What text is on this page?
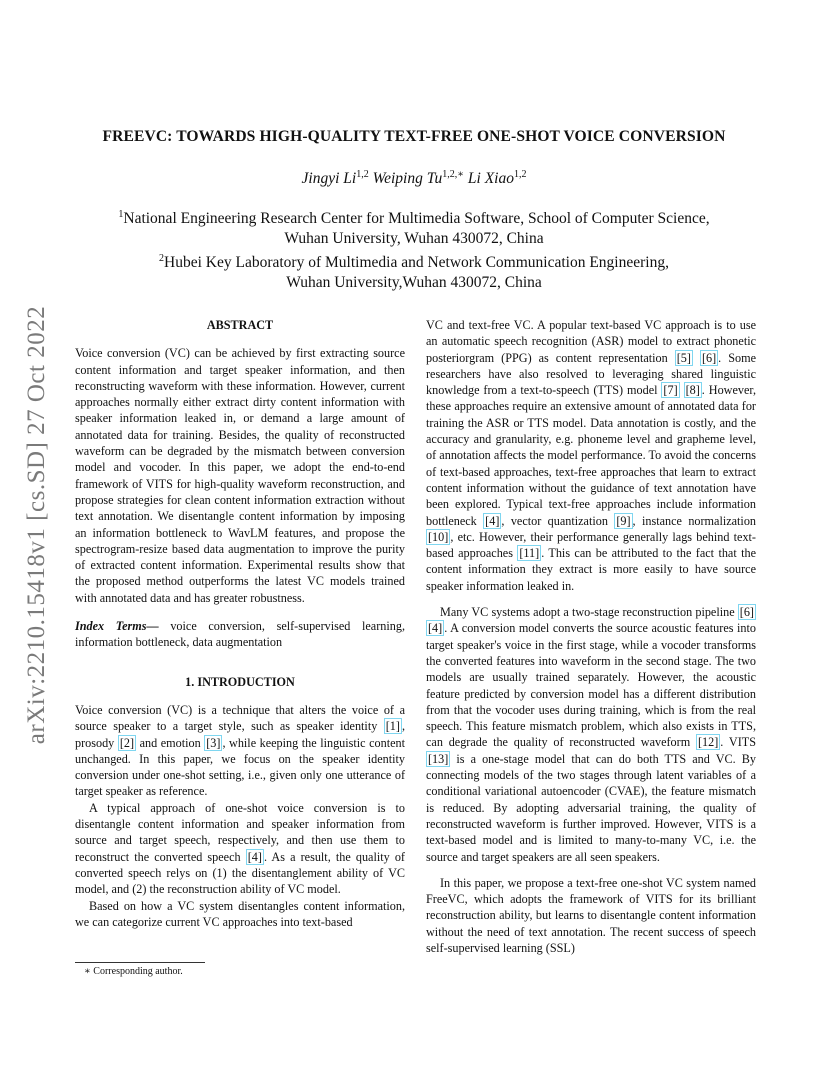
arXiv:2210.15418v1 [cs.SD] 27 Oct 2022
FREEVC: TOWARDS HIGH-QUALITY TEXT-FREE ONE-SHOT VOICE CONVERSION
Jingyi Li$^{1,2}$ Weiping $Tu^{1,2,∗}$ Li Xiao$^{1,2}$
$^1$National Engineering Research Center for Multimedia Software, School of Computer Science,
Wuhan University, Wuhan 430072, China
$^2$Hubei Key Laboratory of Multimedia and Network Communication Engineering,
Wuhan University,Wuhan 430072, China
ABSTRACT

Voice conversion (VC) can be achieved by first extracting source content information and target speaker information, and then reconstructing waveform with these information. However, current approaches normally either extract dirty content information with speaker information leaked in, or demand a large amount of annotated data for training. Besides, the quality of reconstructed waveform can be degraded by the mismatch between conversion model and vocoder. In this paper, we adopt the end-to-end framework of VITS for high-quality waveform reconstruction, and propose strategies for clean content information extraction without text annotation. We disentangle content information by imposing an information bottleneck to WavLM features, and propose the spectrogram-resize based data augmentation to improve the purity of extracted content information. Experimental results show that the proposed method outperforms the latest VC models trained with annotated data and has greater robustness.

Index Terms— voice conversion, self-supervised learning, information bottleneck, data augmentation

1. INTRODUCTION

Voice conversion (VC) is a technique that alters the voice of a source speaker to a target style, such as speaker identity [1] , prosody [2] and emotion [3] , while keeping the linguistic content unchanged. In this paper, we focus on the speaker identity conversion under one-shot setting, i.e., given only one utterance of target speaker as reference.

A typical approach of one-shot voice conversion is to disentangle content information and speaker information from source and target speech, respectively, and then use them to reconstruct the converted speech [4] . As a result, the quality of converted speech relys on (1) the disentanglement ability of VC model, and (2) the reconstruction ability of VC model.

Based on how a VC system disentangles content information, we can categorize current VC approaches into text-based

VC and text-free VC. A popular text-based VC approach is to use an automatic speech recognition (ASR) model to extract phonetic posteriorgram (PPG) as content representation [5] [6] . Some researchers have also resolved to leveraging shared linguistic knowledge from a text-to-speech (TTS) model [7] [8] . However, these approaches require an extensive amount of annotated data for training the ASR or TTS model. Data annotation is costly, and the accuracy and granularity, e.g. phoneme level and grapheme level, of annotation affects the model performance. To avoid the concerns of text-based approaches, text-free approaches that learn to extract content information without the guidance of text annotation have been explored. Typical text-free approaches include information bottleneck [4] , vector quantization [9] , instance normalization [10] , etc. However, their performance generally lags behind text-based approaches [11] . This can be attributed to the fact that the content information they extract is more easily to have source speaker information leaked in.

Many VC systems adopt a two-stage reconstruction pipeline [6] [4] . A conversion model converts the source acoustic features into target speaker's voice in the first stage, while a vocoder transforms the converted features into waveform in the second stage. The two models are usually trained separately. However, the acoustic feature predicted by conversion model has a different distribution from that the vocoder uses during training, which is from the real speech. This feature mismatch problem, which also exists in TTS, can degrade the quality of reconstructed waveform [12] . VITS [13] is a one-stage model that can do both TTS and VC. By connecting models of the two stages through latent variables of a conditional variational autoencoder (CVAE), the feature mismatch is reduced. By adopting adversarial training, the quality of reconstructed waveform is further improved. However, VITS is a text-based model and is limited to many-to-many VC, i.e. the source and target speakers are all seen speakers.

In this paper, we propose a text-free one-shot VC system named FreeVC, which adopts the framework of VITS for its brilliant reconstruction ability, but learns to disentangle content information without the need of text annotation. The recent success of speech self-supervised learning (SSL)

∗ Corresponding author.
